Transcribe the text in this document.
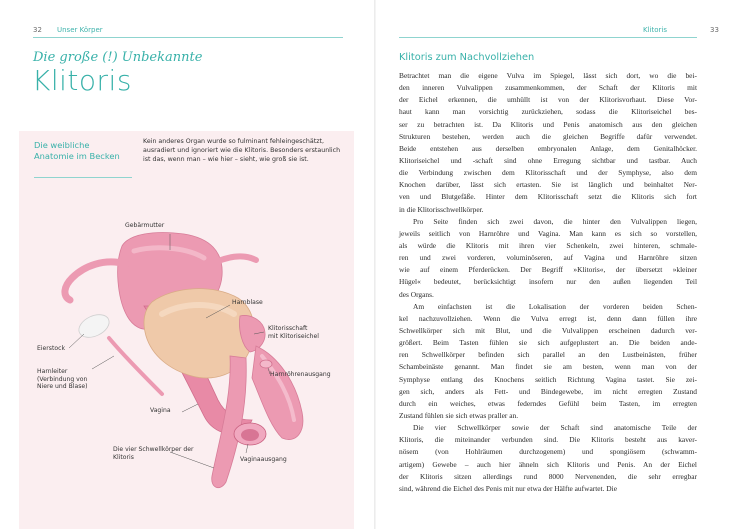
32 Unser Körper
Die große (!) Unbekannte
Klitoris
Die weibliche
Anatomie im Becken
Kein anderes Organ wurde so fulminant fehleingeschätzt,
ausradiert und ignoriert wie die Klitoris. Besonders erstaunlich
ist das, wenn man – wie hier – sieht, wie groß sie ist.
Gebärmutter
Harnblase
Klitorisschaft
mit Klitoriseichel
Eierstock
Harnleiter
(Verbindung von
Niere und Blase)
Harnröhrenausgang
Vagina
Die vier Schwellkörper der
Klitoris	Vaginaausgang
Klitoris	33
Klitoris zum Nachvollziehen
Betrachtet man die eigene Vulva im Spiegel, lässt sich dort, wo die bei-
den inneren Vulvalippen zusammenkommen, der Schaft der Klitoris mit
der Eichel erkennen, die umhüllt ist von der Klitorisvorhaut. Diese Vor-
haut kann man vorsichtig zurückziehen, sodass die Klitoriseichel bes-
ser zu betrachten ist. Da Klitoris und Penis anatomisch aus den gleichen
Strukturen bestehen, werden auch die gleichen Begriffe dafür verwendet.
Beide entstehen aus derselben embryonalen Anlage, dem Genitalhöcker.
Klitoriseichel und -schaft sind ohne Erregung sichtbar und tastbar. Auch
die Verbindung zwischen dem Klitorisschaft und der Symphyse, also dem
Knochen darüber, lässt sich ertasten. Sie ist länglich und beinhaltet Ner-
ven und Blutgefäße. Hinter dem Klitorisschaft setzt die Klitoris sich fort
in die Klitorisschwellkörper.
Pro Seite finden sich zwei davon, die hinter den Vulvalippen liegen,
jeweils seitlich von Harnröhre und Vagina. Man kann es sich so vorstellen,
als würde die Klitoris mit ihren vier Schenkeln, zwei hinteren, schmale-
ren und zwei vorderen, voluminöseren, auf Vagina und Harnröhre sitzen
wie auf einem Pferderücken. Der Begriff »Klitoris«, der übersetzt »kleiner
Hügel« bedeutet, berücksichtigt insofern nur den außen liegenden Teil
des Organs.
Am einfachsten ist die Lokalisation der vorderen beiden Schen-
kel nachzuvollziehen. Wenn die Vulva erregt ist, denn dann füllen ihre
Schwellkörper sich mit Blut, und die Vulvalippen erscheinen dadurch ver-
größert. Beim Tasten fühlen sie sich aufgeplustert an. Die beiden ande-
ren Schwellkörper befinden sich parallel an den Lustbeinästen, früher
Schambeinäste genannt. Man findet sie am besten, wenn man von der
Symphyse entlang des Knochens seitlich Richtung Vagina tastet. Sie zei-
gen sich, anders als Fett- und Bindegewebe, im nicht erregten Zustand
durch ein weiches, etwas federndes Gefühl beim Tasten, im erregten
Zustand fühlen sie sich etwas praller an.
Die vier Schwellkörper sowie der Schaft sind anatomische Teile der
Klitoris, die miteinander verbunden sind. Die Klitoris besteht aus kaver-
nösem (von Hohlräumen durchzogenem) und spongiösem (schwamm-
artigem) Gewebe – auch hier ähneln sich Klitoris und Penis. An der Eichel
der Klitoris sitzen allerdings rund 8000 Nervenenden, die sehr erregbar
sind, während die Eichel des Penis mit nur etwa der Hälfte aufwartet. Die
